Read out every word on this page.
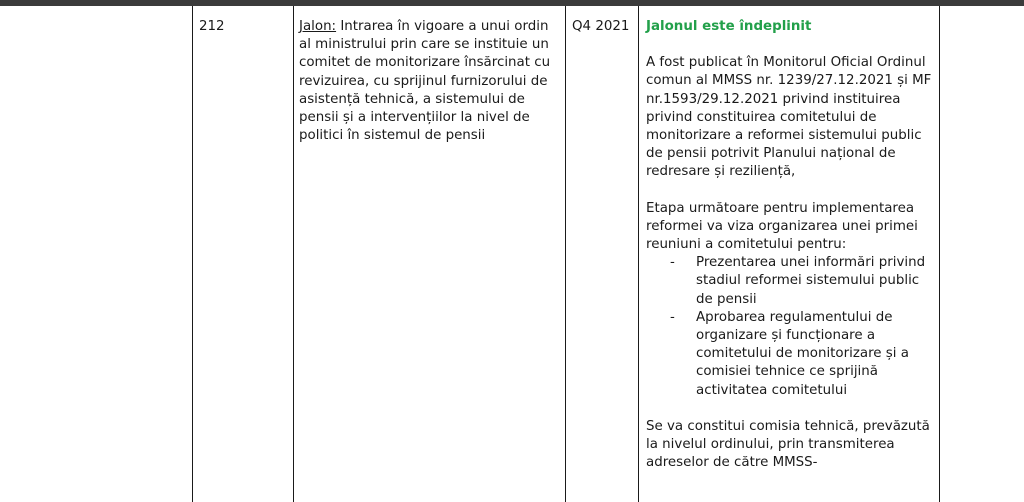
212	Jalon: Intrarea în vigoare a unui ordin al ministrului prin care se instituie un comitet de monitorizare însărcinat cu revizuirea, cu sprijinul furnizorului de asistență tehnică, a sistemului de pensii și a intervențiilor la nivel de politici în sistemul de pensii
Q4 2021	Jalonul este îndeplinit
A fost publicat în Monitorul Oficial Ordinul comun al MMSS nr. 1239/27.12.2021 și MF nr.1593/29.12.2021 privind instituirea privind constituirea comitetului de monitorizare a reformei sistemului public de pensii potrivit Planului național de redresare și reziliență,
Etapa următoare pentru implementarea reformei va viza organizarea unei primei reuniuni a comitetului pentru:
- Prezentarea unei informări privind stadiul reformei sistemului public de pensii
- Aprobarea regulamentului de organizare și funcționare a comitetului de monitorizare și a comisiei tehnice ce sprijină activitatea comitetului
Se va constitui comisia tehnică, prevăzută la nivelul ordinului, prin transmiterea adreselor de către MMSS-
